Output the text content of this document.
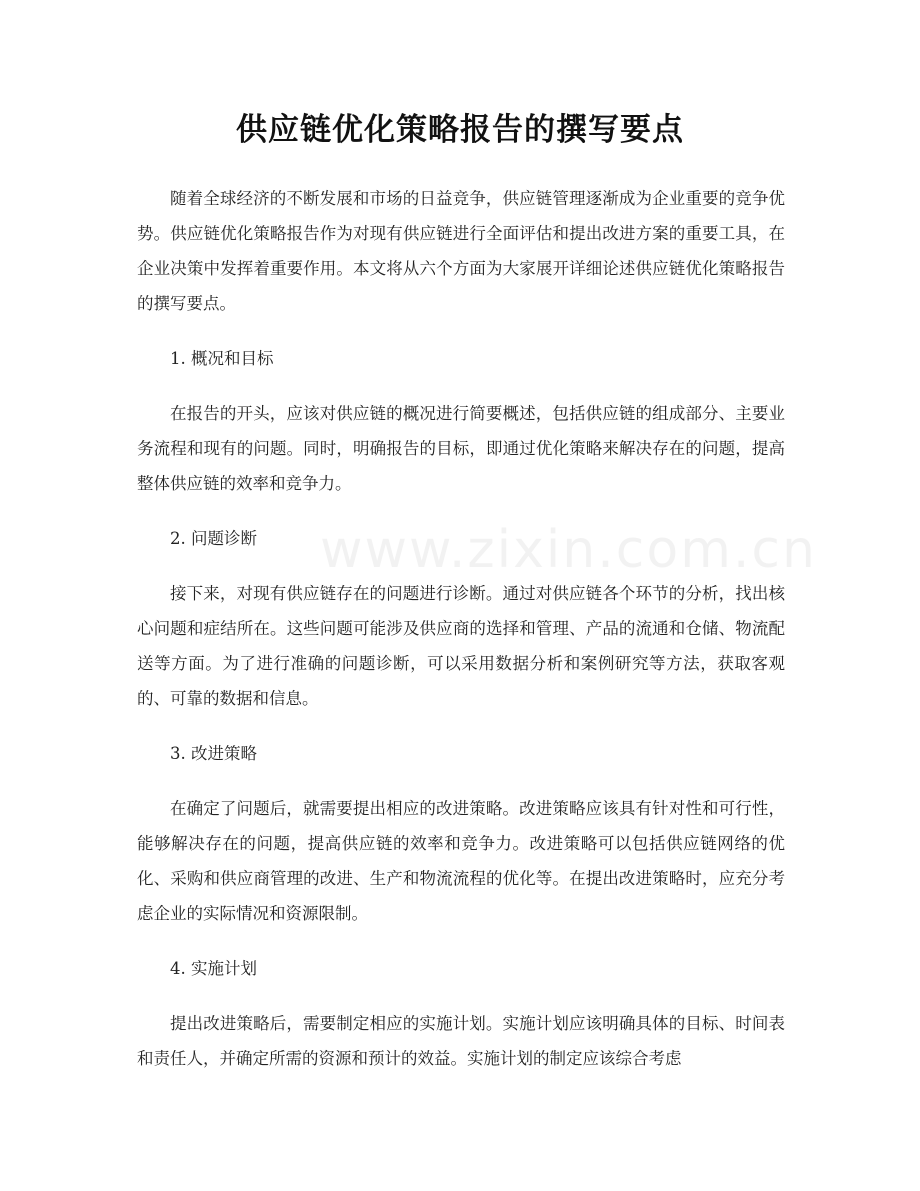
供应链优化策略报告的撰写要点
www.zixin.com.cn

随着全球经济的不断发展和市场的日益竞争，供应链管理逐渐成为企业重要的竞争优势。供应链优化策略报告作为对现有供应链进行全面评估和提出改进方案的重要工具，在企业决策中发挥着重要作用。本文将从六个方面为大家展开详细论述供应链优化策略报告的撰写要点。

1. 概况和目标

在报告的开头，应该对供应链的概况进行简要概述，包括供应链的组成部分、主要业务流程和现有的问题。同时，明确报告的目标，即通过优化策略来解决存在的问题，提高整体供应链的效率和竞争力。

2. 问题诊断

接下来，对现有供应链存在的问题进行诊断。通过对供应链各个环节的分析，找出核心问题和症结所在。这些问题可能涉及供应商的选择和管理、产品的流通和仓储、物流配送等方面。为了进行准确的问题诊断，可以采用数据分析和案例研究等方法，获取客观的、可靠的数据和信息。

3. 改进策略

在确定了问题后，就需要提出相应的改进策略。改进策略应该具有针对性和可行性，能够解决存在的问题，提高供应链的效率和竞争力。改进策略可以包括供应链网络的优化、采购和供应商管理的改进、生产和物流流程的优化等。在提出改进策略时，应充分考虑企业的实际情况和资源限制。

4. 实施计划

提出改进策略后，需要制定相应的实施计划。实施计划应该明确具体的目标、时间表和责任人，并确定所需的资源和预计的效益。实施计划的制定应该综合考虑
